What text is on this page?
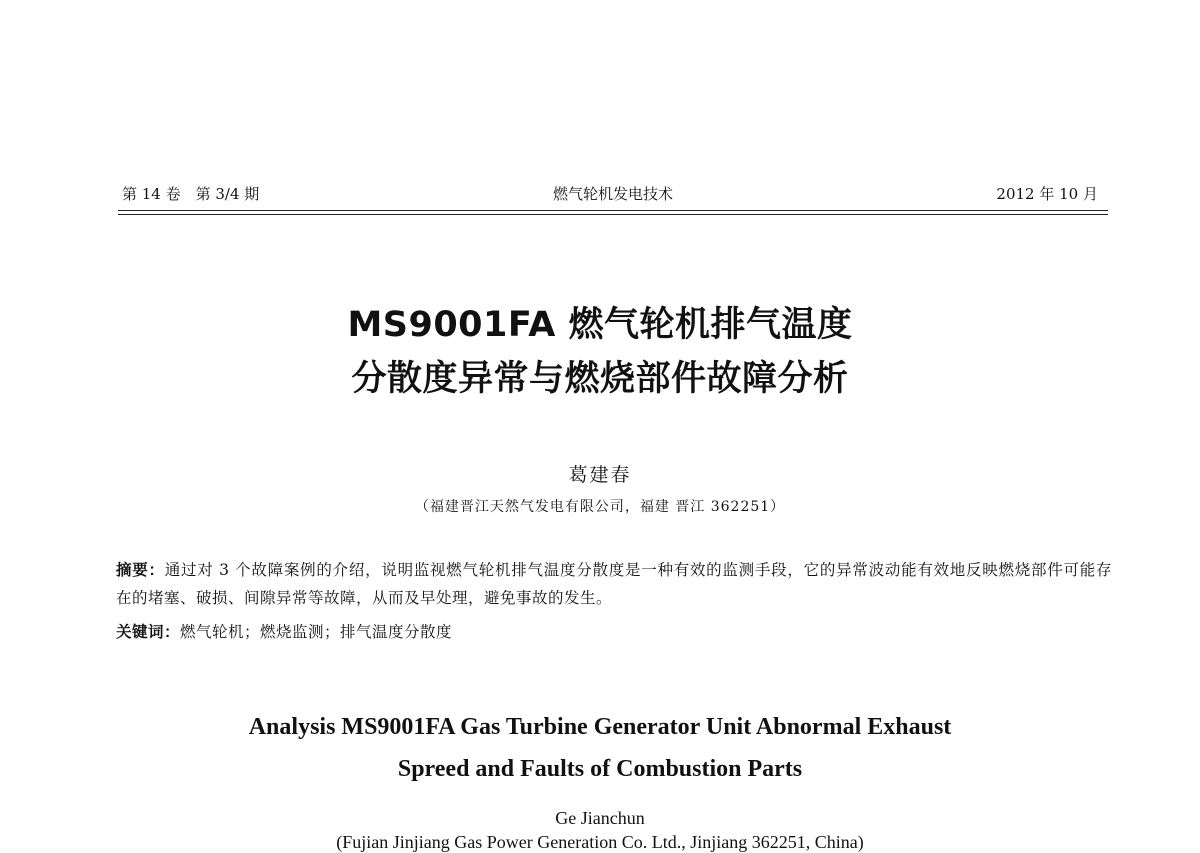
第 14 卷　第 3/4 期	燃气轮机发电技术	2012 年 10 月
MS9001FA 燃气轮机排气温度
分散度异常与燃烧部件故障分析
葛建春
（福建晋江天然气发电有限公司，福建 晋江 362251）
摘要：通过对 3 个故障案例的介绍，说明监视燃气轮机排气温度分散度是一种有效的监测手段，它的异常波动能有效地反映燃烧部件可能存在的堵塞、破损、间隙异常等故障，从而及早处理，避免事故的发生。
关键词：燃气轮机；燃烧监测；排气温度分散度
Analysis MS9001FA Gas Turbine Generator Unit Abnormal Exhaust
Spreed and Faults of Combustion Parts
Ge Jianchun
(Fujian Jinjiang Gas Power Generation Co. Ltd., Jinjiang 362251, China)
